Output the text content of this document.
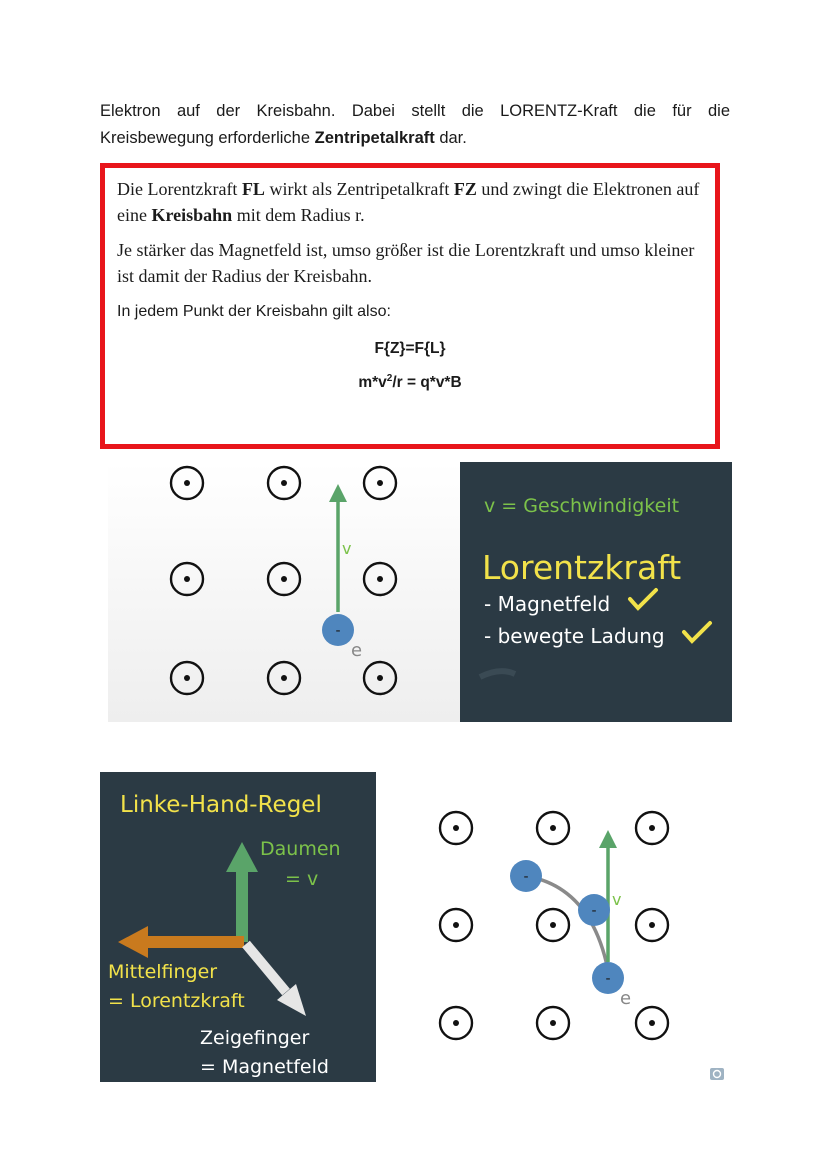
Elektron auf der Kreisbahn. Dabei stellt die LORENTZ-Kraft die für die Kreisbewegung erforderliche Zentripetalkraft dar.
Die Lorentzkraft FL wirkt als Zentripetalkraft FZ und zwingt die Elektronen auf eine Kreisbahn mit dem Radius r.
Je stärker das Magnetfeld ist, umso größer ist die Lorentzkraft und umso kleiner ist damit der Radius der Kreisbahn.
In jedem Punkt der Kreisbahn gilt also:
F{Z}=F{L}
$m*v^2/r = q*v*B$
v
-
e
v = Geschwindigkeit
Lorentzkraft
- Magnetfeld
- bewegte Ladung
Linke-Hand-Regel
Daumen
= v
Mittelfinger
= Lorentzkraft
Zeigefinger
= Magnetfeld
v
-
-
-
e
